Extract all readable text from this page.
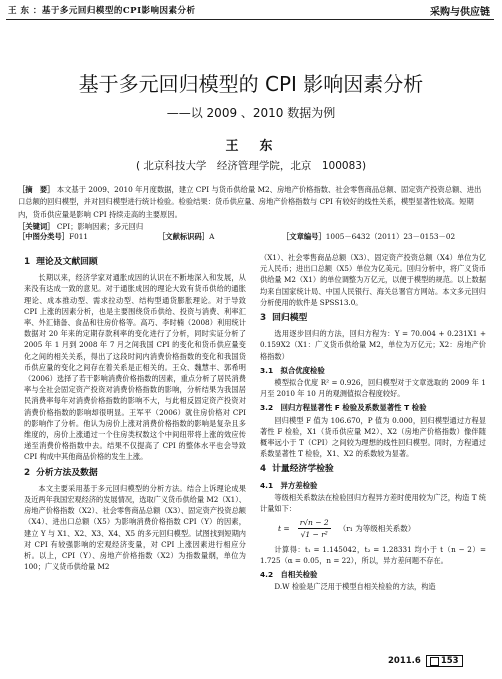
王 东 ：基于多元回归模型的CPI影响因素分析	采购与供应链
基于多元回归模型的 CPI 影响因素分析
——以 2009 、2010 数据为例
王　东
( 北京科技大学　经济管理学院，北京　100083)

［摘　要］ 本文基于 2009、2010 年月度数据，建立 CPI 与货币供给量 M2、房地产价格指数、社会零售商品总额、固定资产投资总额、进出口总额的回归模型，并对回归模型进行统计检验。检验结果：货币供应量、房地产价格指数与 CPI 有较好的线性关系，模型显著性较高。短期内，货币供应量是影响 CPI 持续走高的主要原因。

［关键词］ CPI；影响因素；多元回归

［中图分类号］F011	［文献标识码］A	［文章编号］1005－6432（2011）23－0153－02
1 理论及文献回顾

长期以来，经济学家对通胀成因的认识在不断地深入和发展，从来没有达成一致的意见。对于通胀成因的理论大致有货币供给的通胀理论、成本推动型、需求拉动型、结构型通货膨胀理论。对于导致 CPI 上涨的因素分析，也是主要围绕货币供给、投资与消费、利率汇率、外汇储备、食品和往房价格等。高巧、李时楠（2008）利用统计数据对 20 年来的定期存款利率的变化进行了分析，同时实证分析了 2005 年 1 月到 2008 年 7 月之间我国 CPI 的变化和货币供应量变化之间的相关关系，得出了这段时间内消费价格指数的变化和我国货币供应量的变化之间存在着关系是正相关的。王众、魏慧丰、郭希明（2006）选择了若干影响消费价格指数的因素，重点分析了居民消费率与全社会固定资产投资对消费价格指数的影响，分析结果为我国居民消费率每年对消费价格指数的影响不大，与此相反固定资产投资对消费价格指数的影响却很明显。王军平（2006）就住房价格对 CPI 的影响作了分析。他认为房价上涨对消费价格指数的影响是复杂且多维度的，房价上涨通过一个住房类权数这个中间纽带将上涨的效应传递至消费价格指数中去。结果不仅提高了 CPI 的整体水平也会导致 CPI 构成中其他商品价格的发生上涨。

2 分析方法及数据

本文主要采用基于多元回归模型的分析方法。结合上诉理论成果及近两年我国宏观经济的发展情况，选取广义货币供给量 M2（X1）、房地产价格指数（X2）、社会零售商品总额（X3）、固定资产投资总额（X4）、进出口总额（X5）为影响消费价格指数 CPI（Y）的因素，建立 Y 与 X1、X2、X3、X4、X5 的多元回归模型。试图找到短期内对 CPI 有较强影响的宏观经济变量，对 CPI 上涨因素进行相应分析。以上，CPI（Y）、房地产价格指数（X2）为指数量纲，单位为 100；广义货币供给量 M2

（X1）、社会零售商品总额（X3）、固定资产投资总额（X4）单位为亿元人民币；进出口总额（X5）单位为亿美元。回归分析中，将广义货币供给量 M2（X1）的单位调整为万亿元，以便于模型的规范。以上数据均来自国家统计局、中国人民银行、海关总署官方网站。本文多元回归分析使用的软件是 SPSS13.0。

3 回归模型

选用逐步回归的方法，回归方程为：Y = 70.004 + 0.231X1 + 0.159X2（X1：广义货币供给量 M2，单位为万亿元；X2：房地产价格指数）

3.1　拟合优度检验

模型拟合优度 R² = 0.926，回归模型对于文章选取的 2009 年 1 月至 2010 年 10 月的观测值拟合程度较好。

3.2　回归方程显著性 F 检验及系数显著性 T 检验

回归模型 F 值为 106.670，P 值为 0.000，回归模型通过方程显著性 F 检验，X1（货币供应量 M2）、X2（房地产价格指数）像伴随概率远小于 T（CPI）之间较为理想的线性回归模型。同时，方程通过系数显著性 T 检验，X1、X2 的系数较为显著。

4 计量经济学检验
4.1　异方差检验

等级相关系数法在检验回归方程异方差时使用较为广泛，构造 T 统计量如下：

$t = \frac{r√n - 2}{\text{√1 − r²}} (r_1$ 为等级相关系数）

计算得：t₁ = 1.145042，t₂ = 1.28331 均小于 t（n − 2）= 1.725（α = 0.05，n = 22），所以，异方差问题不存在。

4.2　自相关检验

D.W 检验是广泛用于模型自相关检验的方法，构造

2011.6 153
